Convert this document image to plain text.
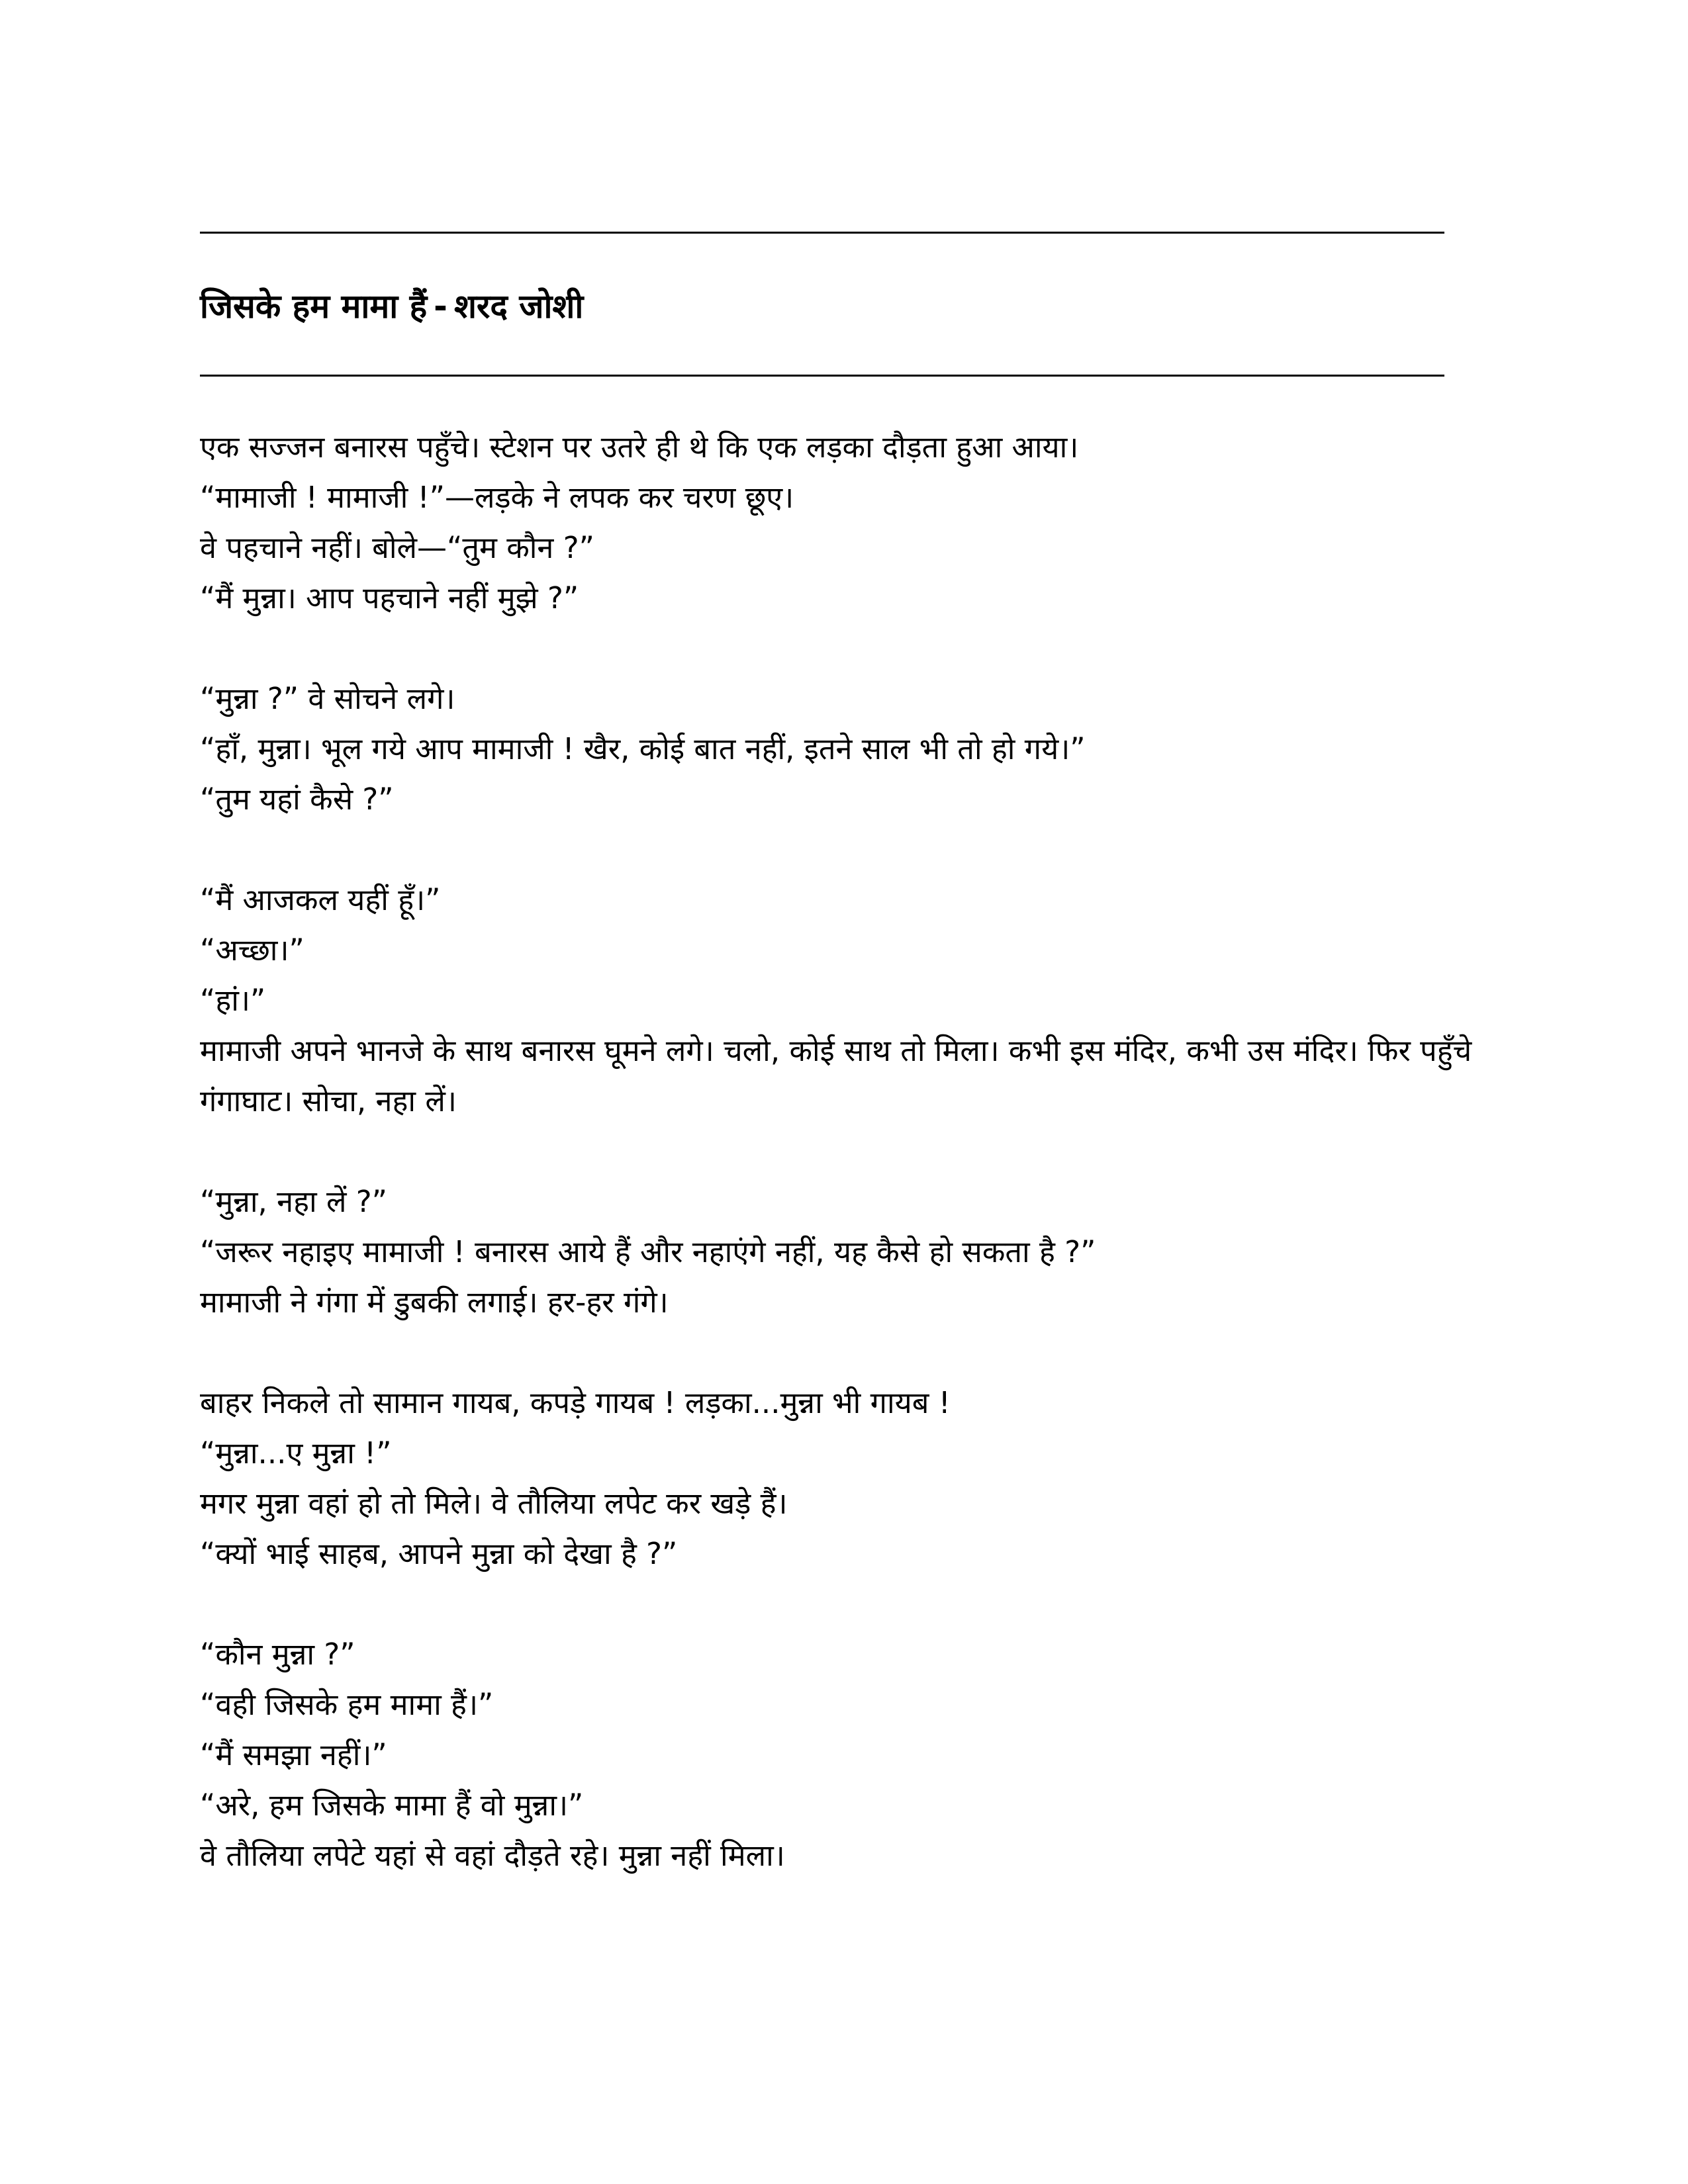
जिसके हम मामा हैं - शरद जोशी
एक सज्जन बनारस पहुँचे। स्टेशन पर उतरे ही थे कि एक लड़का दौड़ता हुआ आया।
“मामाजी ! मामाजी !”—लड़के ने लपक कर चरण छूए।
वे पहचाने नहीं। बोले—“तुम कौन ?”
“मैं मुन्ना। आप पहचाने नहीं मुझे ?”
“मुन्ना ?” वे सोचने लगे।
“हाँ, मुन्ना। भूल गये आप मामाजी ! खैर, कोई बात नहीं, इतने साल भी तो हो गये।”
“तुम यहां कैसे ?”
“मैं आजकल यहीं हूँ।”
“अच्छा।”
“हां।”
मामाजी अपने भानजे के साथ बनारस घूमने लगे। चलो, कोई साथ तो मिला। कभी इस मंदिर, कभी उस मंदिर। फिर पहुँचे गंगाघाट। सोचा, नहा लें।
“मुन्ना, नहा लें ?”
“जरूर नहाइए मामाजी ! बनारस आये हैं और नहाएंगे नहीं, यह कैसे हो सकता है ?”
मामाजी ने गंगा में डुबकी लगाई। हर-हर गंगे।
बाहर निकले तो सामान गायब, कपड़े गायब ! लड़का...मुन्ना भी गायब !
“मुन्ना...ए मुन्ना !”
मगर मुन्ना वहां हो तो मिले। वे तौलिया लपेट कर खड़े हैं।
“क्यों भाई साहब, आपने मुन्ना को देखा है ?”
“कौन मुन्ना ?”
“वही जिसके हम मामा हैं।”
“मैं समझा नहीं।”
“अरे, हम जिसके मामा हैं वो मुन्ना।”
वे तौलिया लपेटे यहां से वहां दौड़ते रहे। मुन्ना नहीं मिला।
